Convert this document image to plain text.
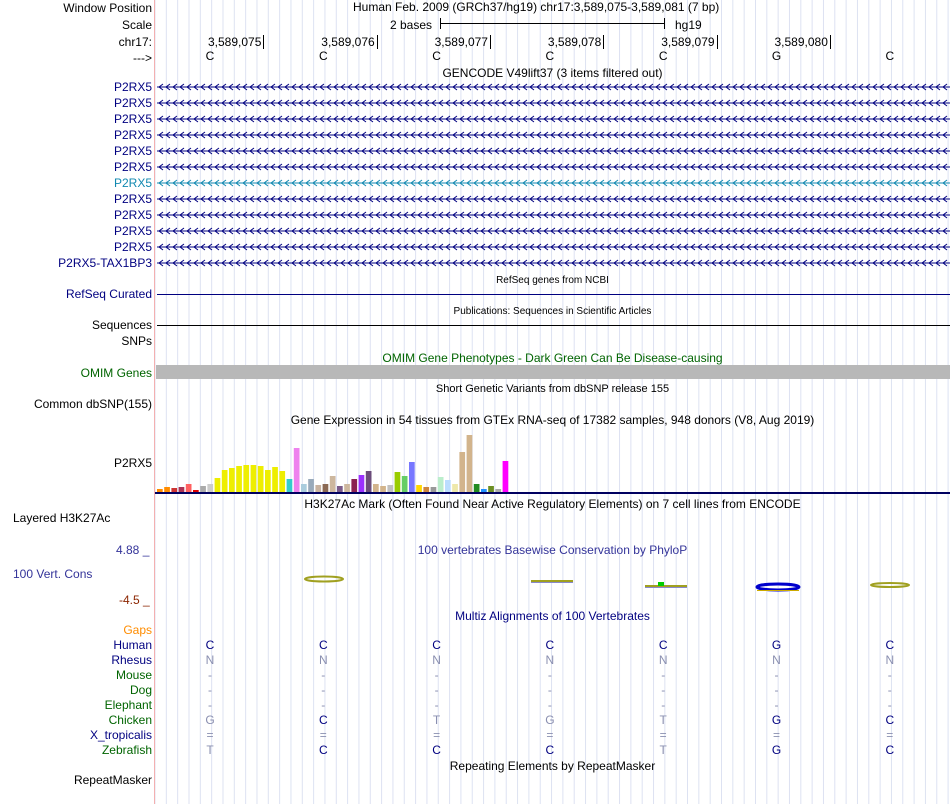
Window Position
Scale
chr17:
--->
Human Feb. 2009 (GRCh37/hg19) chr17:3,589,075-3,589,081 (7 bp)
2 bases	hg19
3,589,075	3,589,076	3,589,077	3,589,078	3,589,079	3,589,080
C	C	C	C	C	G	C
GENCODE V49lift37 (3 items filtered out)
P2RX5
P2RX5
P2RX5
P2RX5
P2RX5
P2RX5
P2RX5
P2RX5
P2RX5
P2RX5
P2RX5
P2RX5-TAX1BP3
RefSeq genes from NCBI
RefSeq Curated
Publications: Sequences in Scientific Articles
Sequences
SNPs
OMIM Gene Phenotypes - Dark Green Can Be Disease-causing
OMIM Genes
Short Genetic Variants from dbSNP release 155
Common dbSNP(155)
Gene Expression in 54 tissues from GTEx RNA-seq of 17382 samples, 948 donors (V8, Aug 2019)
P2RX5
H3K27Ac Mark (Often Found Near Active Regulatory Elements) on 7 cell lines from ENCODE
Layered H3K27Ac
100 vertebrates Basewise Conservation by PhyloP
4.88 _
100 Vert. Cons
-4.5 _
Multiz Alignments of 100 Vertebrates
Gaps
Human	C	C	C	C	C	G	C
Rhesus	N	N	N	N	N	N	N
Mouse	-	-	-	-	-	-	-
Dog	-	-	-	-	-	-	-
Elephant	-	-	-	-	-	-	-
Chicken	G	C	T	G	T	G	C
X_tropicalis	=	=	=	=	=	=	=
Zebrafish	T	C	C	C	T	G	C
Repeating Elements by RepeatMasker
RepeatMasker
